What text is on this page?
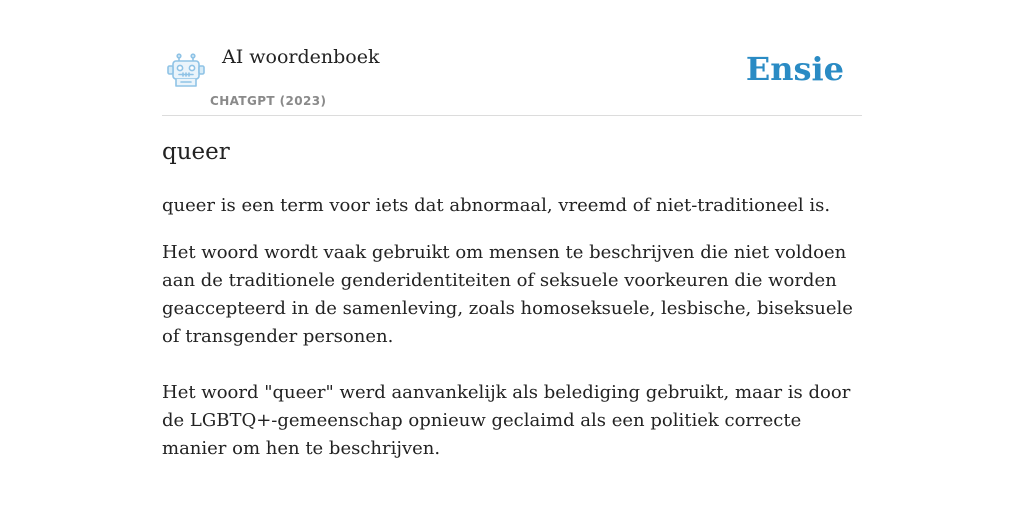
AI woordenboek
CHATGPT (2023)
Ensie
queer

queer is een term voor iets dat abnormaal, vreemd of niet-traditioneel is.

Het woord wordt vaak gebruikt om mensen te beschrijven die niet voldoen aan de traditionele genderidentiteiten of seksuele voorkeuren die worden geaccepteerd in de samenleving, zoals homoseksuele, lesbische, biseksuele of transgender personen.

Het woord "queer" werd aanvankelijk als belediging gebruikt, maar is door de LGBTQ+-gemeenschap opnieuw geclaimd als een politiek correcte manier om hen te beschrijven.
